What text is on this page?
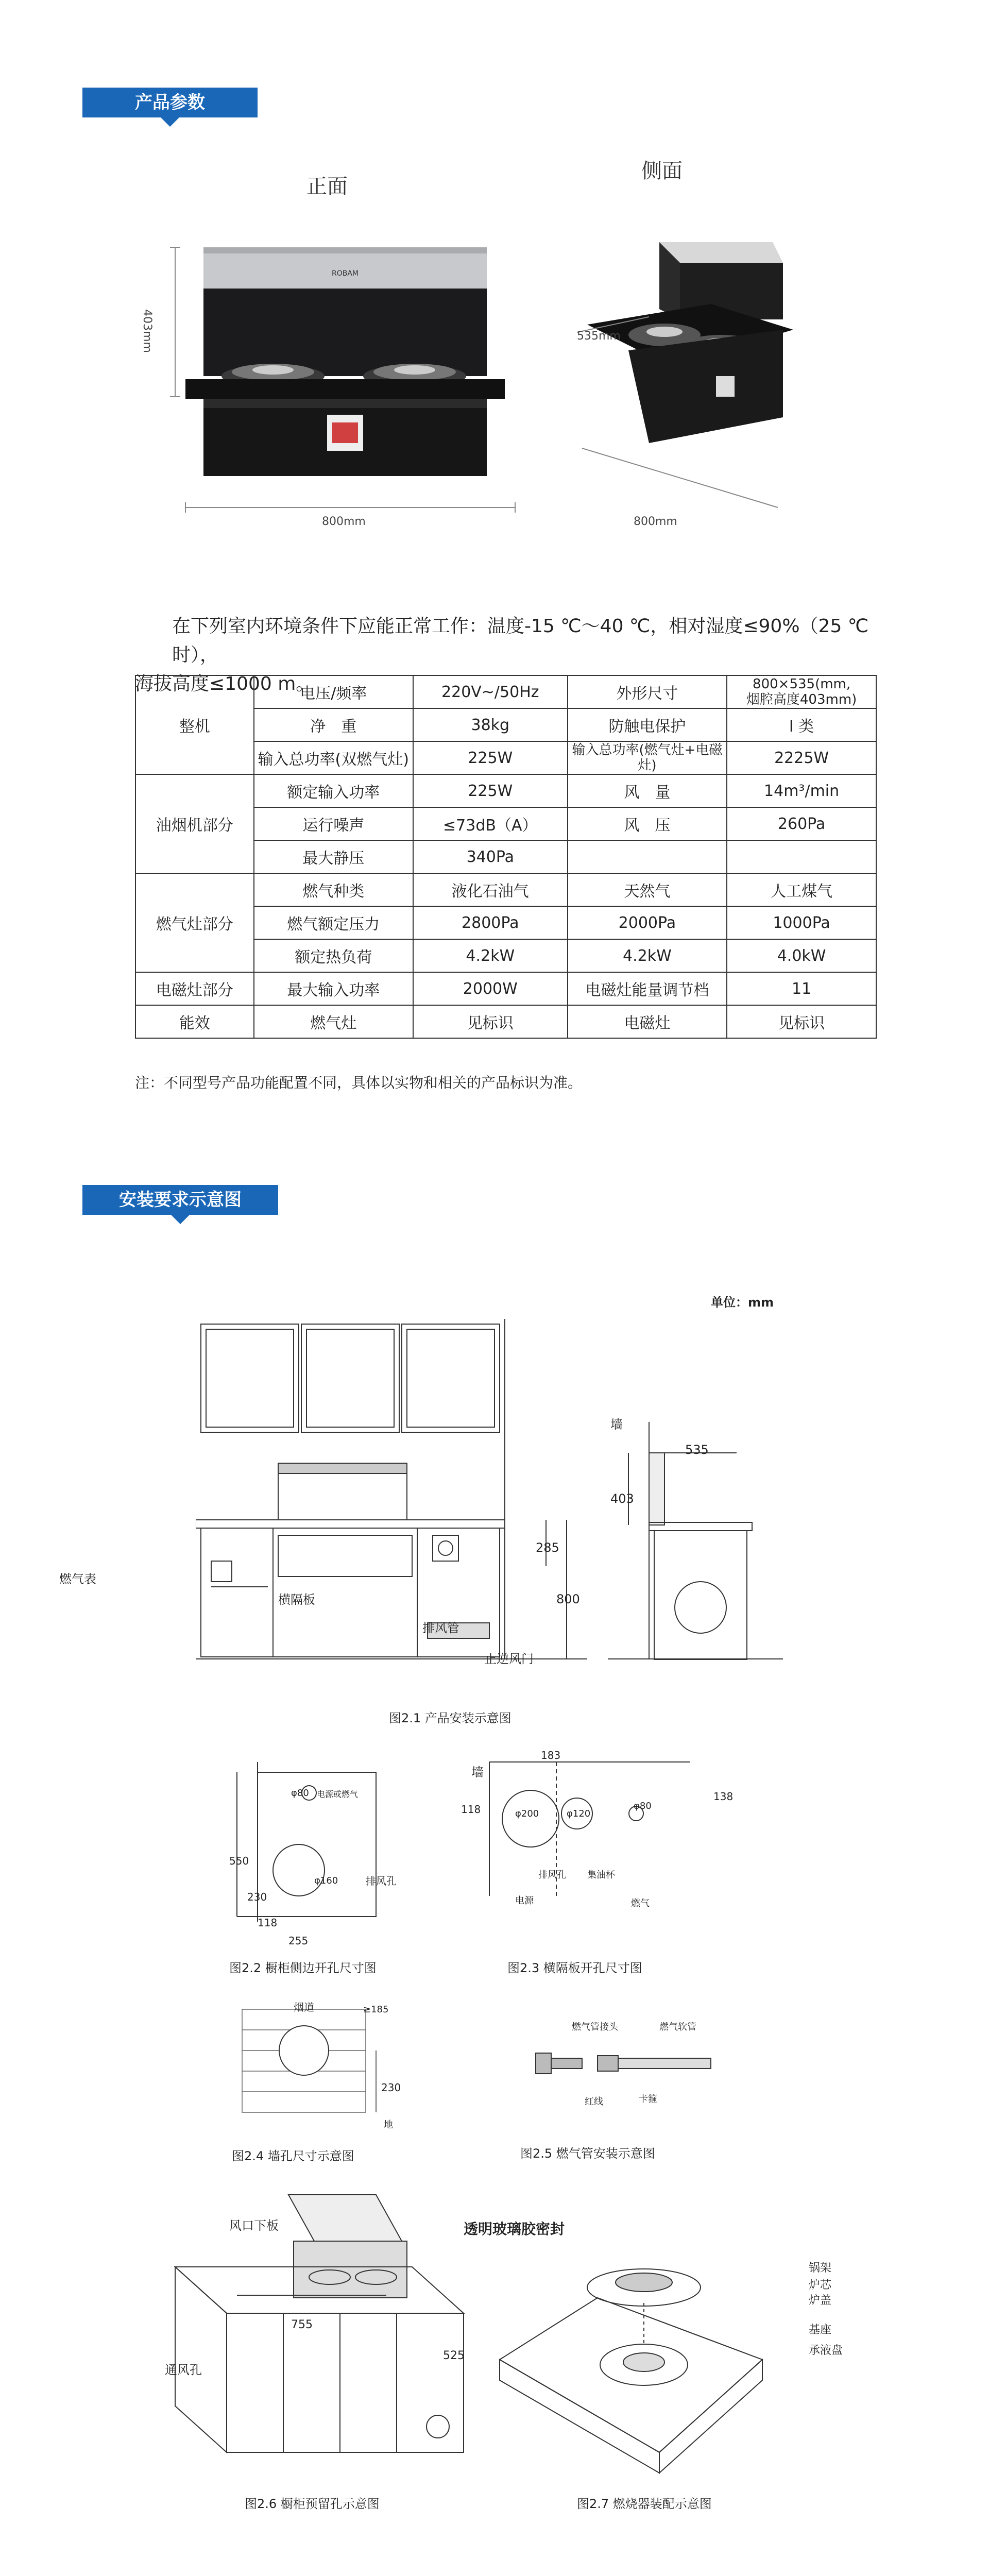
产品参数
正面
侧面
ROBAM
403mm
800mm
535mm
800mm
在下列室内环境条件下应能正常工作：温度-15 ℃～40 ℃，相对湿度≤90%（25 ℃时），
海拔高度≤1000 m。
整机	电压/频率	220V~/50Hz	外形尺寸	800×535(mm,
烟腔高度403mm)

	净　重	38kg	防触电保护	I 类
	输入总功率(双燃气灶)	225W	输入总功率(燃气灶+电磁灶)	2225W
油烟机部分	额定输入功率	225W	风　量	14m³/min
	运行噪声	≤73dB（A）	风　压	260Pa
	最大静压	340Pa		
燃气灶部分	燃气种类	液化石油气	天然气	人工煤气
	燃气额定压力	2800Pa	2000Pa	1000Pa
	额定热负荷	4.2kW	4.2kW	4.0kW
电磁灶部分	最大输入功率	2000W	电磁灶能量调节档	11
能效	燃气灶	见标识	电磁灶	见标识
注：不同型号产品功能配置不同，具体以实物和相关的产品标识为准。
安装要求示意图
单位：mm
燃气表
横隔板
排风管
止逆风门
墙
285
800
535
403
图2.1 产品安装示意图
φ80 电源或燃气
φ160	排风孔
550
230
118
255
图2.2 橱柜侧边开孔尺寸图
墙
183
118
138
φ200	φ120
φ80
排风孔 集油杯
电源	燃气
图2.3 横隔板开孔尺寸图
烟道	≥185
230
地
图2.4 墙孔尺寸示意图
燃气管接头	燃气软管
红线	卡箍
图2.5 燃气管安装示意图
风口下板	透明玻璃胶密封
通风孔
755
525
图2.6 橱柜预留孔示意图
锅架
炉芯
炉盖
基座
承液盘
图2.7 燃烧器装配示意图
